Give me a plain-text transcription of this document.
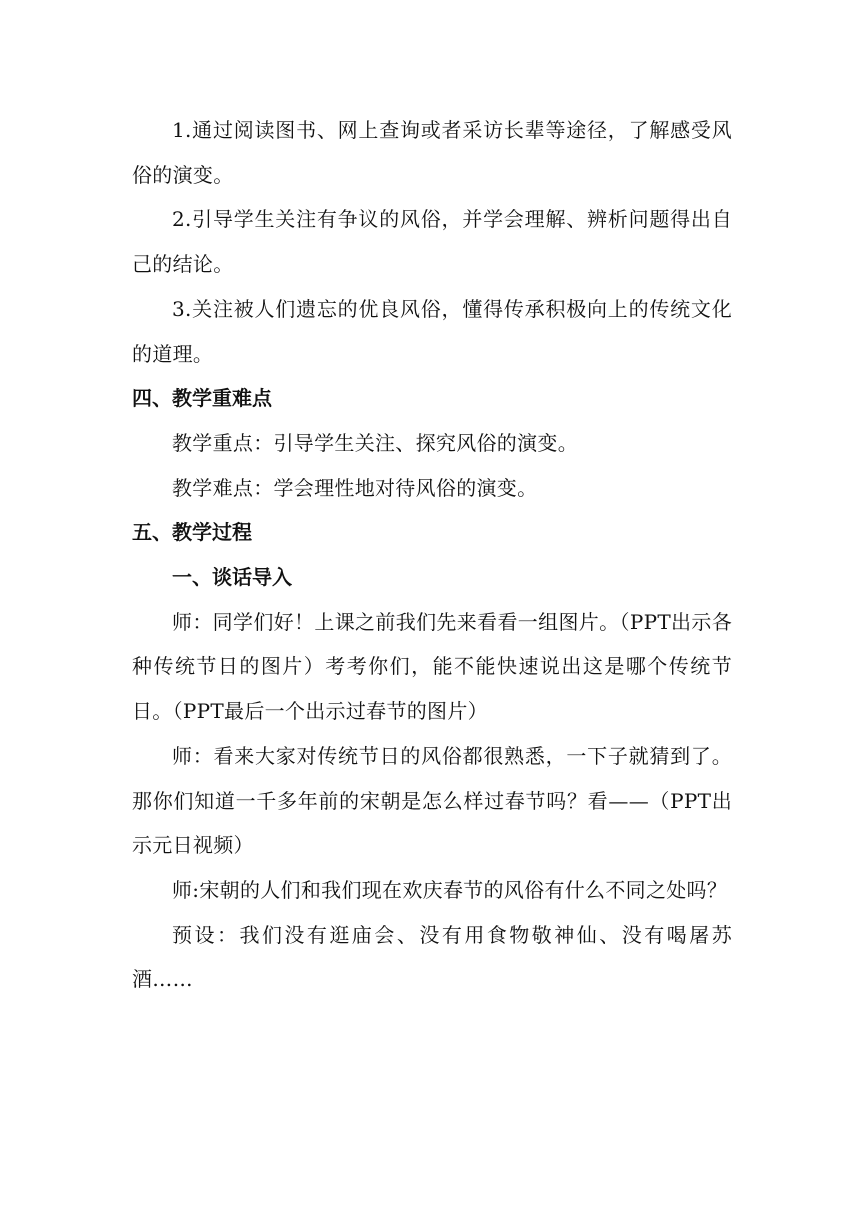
1.通过阅读图书、网上查询或者采访长辈等途径，了解感受风俗的演变。

2.引导学生关注有争议的风俗，并学会理解、辨析问题得出自己的结论。

3.关注被人们遗忘的优良风俗，懂得传承积极向上的传统文化的道理。

四、教学重难点

教学重点：引导学生关注、探究风俗的演变。

教学难点：学会理性地对待风俗的演变。

五、教学过程

一、谈话导入

师：同学们好！上课之前我们先来看看一组图片。（PPT出示各种传统节日的图片）考考你们，能不能快速说出这是哪个传统节日。（PPT最后一个出示过春节的图片）

师：看来大家对传统节日的风俗都很熟悉，一下子就猜到了。那你们知道一千多年前的宋朝是怎么样过春节吗？看——（PPT出示元日视频）

师:宋朝的人们和我们现在欢庆春节的风俗有什么不同之处吗？

预设：我们没有逛庙会、没有用食物敬神仙、没有喝屠苏酒……
